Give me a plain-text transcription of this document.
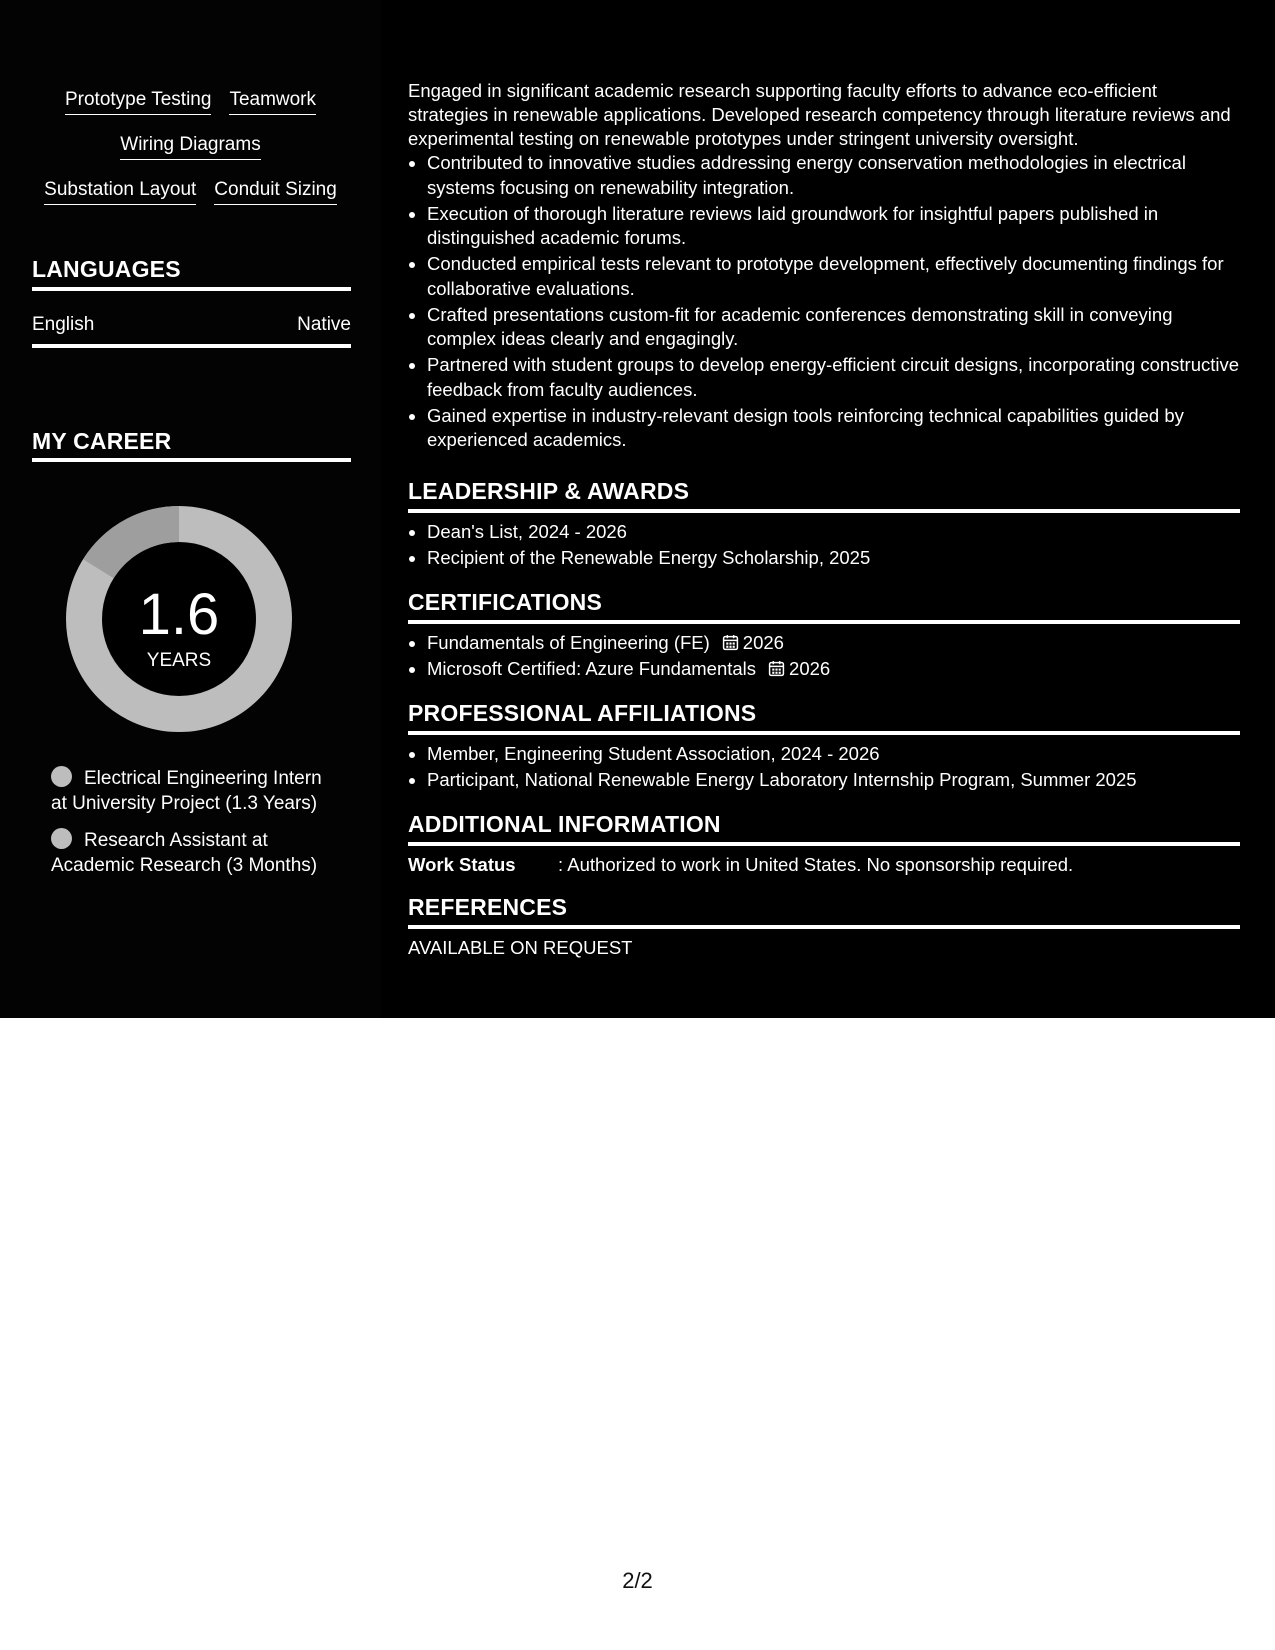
Prototype Testing Teamwork
Wiring Diagrams
Substation Layout Conduit Sizing
LANGUAGES
English	Native
MY CAREER
1.6
YEARS
Electrical Engineering Intern at University Project (1.3 Years)
Research Assistant at Academic Research (3 Months)
Engaged in significant academic research supporting faculty efforts to advance eco-efficient strategies in renewable applications. Developed research competency through literature reviews and experimental testing on renewable prototypes under stringent university oversight.
• Contributed to innovative studies addressing energy conservation methodologies in electrical systems focusing on renewability integration.
• Execution of thorough literature reviews laid groundwork for insightful papers published in distinguished academic forums.
• Conducted empirical tests relevant to prototype development, effectively documenting findings for collaborative evaluations.
• Crafted presentations custom-fit for academic conferences demonstrating skill in conveying complex ideas clearly and engagingly.
• Partnered with student groups to develop energy-efficient circuit designs, incorporating constructive feedback from faculty audiences.
• Gained expertise in industry-relevant design tools reinforcing technical capabilities guided by experienced academics.
LEADERSHIP & AWARDS
• Dean's List, 2024 - 2026
• Recipient of the Renewable Energy Scholarship, 2025
CERTIFICATIONS
• Fundamentals of Engineering (FE) 2026
• Microsoft Certified: Azure Fundamentals 2026
PROFESSIONAL AFFILIATIONS
• Member, Engineering Student Association, 2024 - 2026
• Participant, National Renewable Energy Laboratory Internship Program, Summer 2025
ADDITIONAL INFORMATION
Work Status : Authorized to work in United States. No sponsorship required.
REFERENCES
AVAILABLE ON REQUEST
2/2
